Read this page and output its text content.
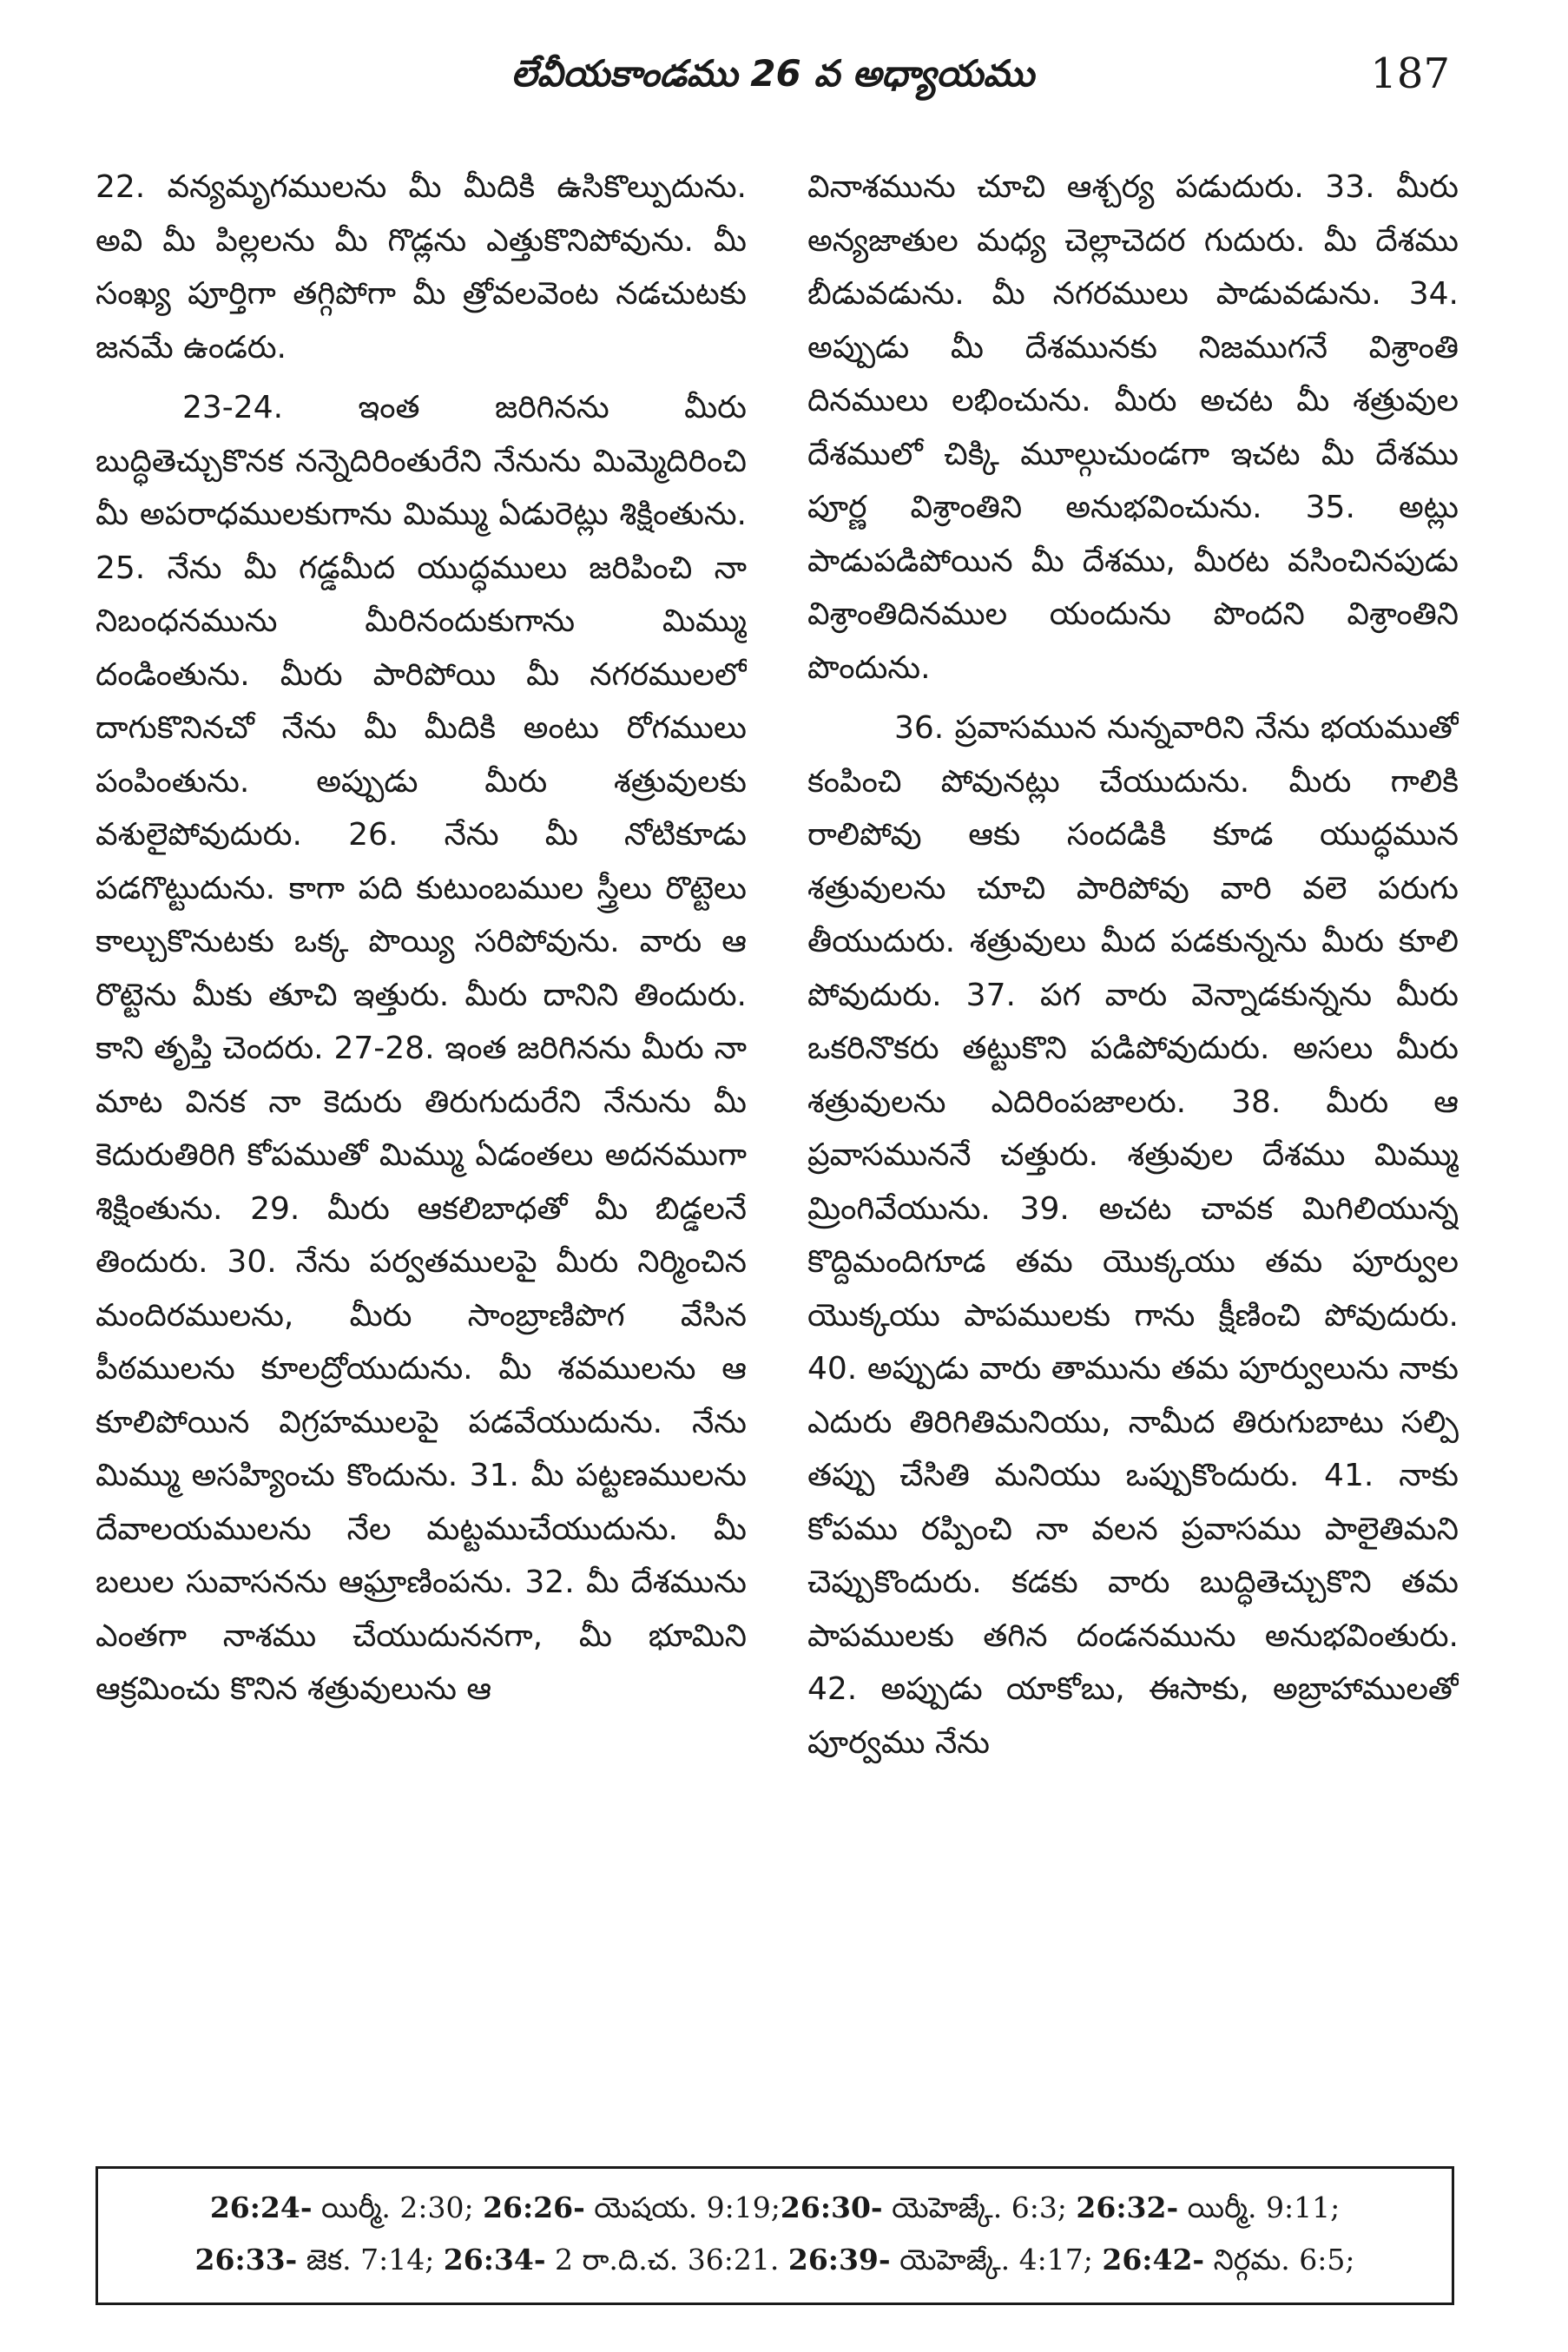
లేవీయకాండము 26 వ అధ్యాయము	187

22. వన్యమృగములను మీ మీదికి ఉసికొల్పుదును. అవి మీ పిల్లలను మీ గొడ్లను ఎత్తుకొనిపోవును. మీ సంఖ్య పూర్తిగా తగ్గిపోగా మీ త్రోవలవెంట నడచుటకు జనమే ఉండరు.

23-24. ఇంత జరిగినను మీరు బుద్ధితెచ్చుకొనక నన్నెదిరింతురేని నేనును మిమ్మెదిరించి మీ అపరాధములకుగాను మిమ్ము ఏడురెట్లు శిక్షింతును. 25. నేను మీ గడ్డమీద యుద్ధములు జరిపించి నా నిబంధనమును మీరినందుకుగాను మిమ్ము దండింతును. మీరు పారిపోయి మీ నగరములలో దాగుకొనినచో నేను మీ మీదికి అంటు రోగములు పంపింతును. అప్పుడు మీరు శత్రువులకు వశులైపోవుదురు. 26. నేను మీ నోటికూడు పడగొట్టుదును. కాగా పది కుటుంబముల స్త్రీలు రొట్టెలు కాల్చుకొనుటకు ఒక్క పొయ్యి సరిపోవును. వారు ఆ రొట్టెను మీకు తూచి ఇత్తురు. మీరు దానిని తిందురు. కాని తృప్తి చెందరు. 27-28. ఇంత జరిగినను మీరు నా మాట వినక నా కెదురు తిరుగుదురేని నేనును మీ కెదురుతిరిగి కోపముతో మిమ్ము ఏడంతలు అదనముగా శిక్షింతును. 29. మీరు ఆకలిబాధతో మీ బిడ్డలనే తిందురు. 30. నేను పర్వతములపై మీరు నిర్మించిన మందిరములను, మీరు సాంబ్రాణిపొగ వేసిన పీఠములను కూలద్రోయుదును. మీ శవములను ఆ కూలిపోయిన విగ్రహములపై పడవేయుదును. నేను మిమ్ము అసహ్యించు కొందును. 31. మీ పట్టణములను దేవాలయములను నేల మట్టముచేయుదును. మీ బలుల సువాసనను ఆఘ్రాణింపను. 32. మీ దేశమును ఎంతగా నాశము చేయుదుననగా, మీ భూమిని ఆక్రమించు కొనిన శత్రువులును ఆ

వినాశమును చూచి ఆశ్చర్య పడుదురు. 33. మీరు అన్యజాతుల మధ్య చెల్లాచెదర గుదురు. మీ దేశము బీడువడును. మీ నగరములు పాడువడును. 34. అప్పుడు మీ దేశమునకు నిజముగనే విశ్రాంతి దినములు లభించును. మీరు అచట మీ శత్రువుల దేశములో చిక్కి మూల్గుచుండగా ఇచట మీ దేశము పూర్ణ విశ్రాంతిని అనుభవించును. 35. అట్లు పాడుపడిపోయిన మీ దేశము, మీరట వసించినపుడు విశ్రాంతిదినముల యందును పొందని విశ్రాంతిని పొందును.

36. ప్రవాసమున నున్నవారిని నేను భయముతో కంపించి పోవునట్లు చేయుదును. మీరు గాలికి రాలిపోవు ఆకు సందడికి కూడ యుద్ధమున శత్రువులను చూచి పారిపోవు వారి వలె పరుగు తీయుదురు. శత్రువులు మీద పడకున్నను మీరు కూలి పోవుదురు. 37. పగ వారు వెన్నాడకున్నను మీరు ఒకరినొకరు తట్టుకొని పడిపోవుదురు. అసలు మీరు శత్రువులను ఎదిరింపజాలరు. 38. మీరు ఆ ప్రవాసముననే చత్తురు. శత్రువుల దేశము మిమ్ము మ్రింగివేయును. 39. అచట చావక మిగిలియున్న కొద్దిమందిగూడ తమ యొక్కయు తమ పూర్వుల యొక్కయు పాపములకు గాను క్షీణించి పోవుదురు. 40. అప్పుడు వారు తామును తమ పూర్వులును నాకు ఎదురు తిరిగితిమనియు, నామీద తిరుగుబాటు సల్పి తప్పు చేసితి మనియు ఒప్పుకొందురు. 41. నాకు కోపము రప్పించి నా వలన ప్రవాసము పాలైతిమని చెప్పుకొందురు. కడకు వారు బుద్ధితెచ్చుకొని తమ పాపములకు తగిన దండనమును అనుభవింతురు. 42. అప్పుడు యాకోబు, ఈసాకు, అబ్రాహాములతో పూర్వము నేను

26:24- యిర్మీ. 2:30; 26:26- యెషయ. 9:19;26:30- యెహెజ్కే. 6:3; 26:32- యిర్మీ. 9:11;
26:33- జెక. 7:14; 26:34- 2 రా.ది.చ. 36:21. 26:39- యెహెజ్కే. 4:17; 26:42- నిర్గమ. 6:5;
